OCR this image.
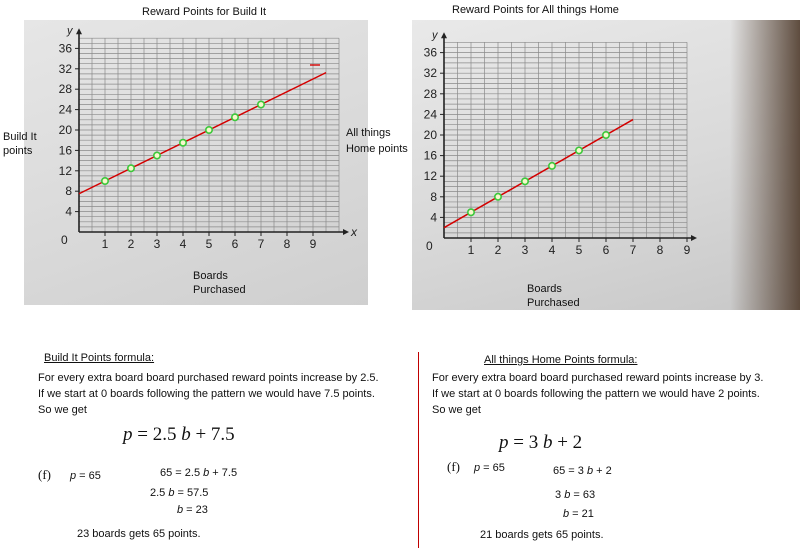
Reward Points for Build It
y
x
0
4
8
12
16
20
24
28
32
36
1 2 3 4 5 6 7 8 9
Build It
points
Boards
Purchased
Reward Points for All things Home
y
0
4
8
12
16
20
24
28
32
36
1 2 3 4 5 6 7 8 9
All things
Home points
Boards
Purchased
Build It Points formula:
For every extra board board purchased reward points increase by 2.5.
If we start at 0 boards following the pattern we would have 7.5 points.
So we get
p = 2.5 b + 7.5
(f) p = 65	65 = 2.5 b + 7.5
2.5 b = 57.5
b = 23
23 boards gets 65 points.
All things Home Points formula:
For every extra board board purchased reward points increase by 3.
If we start at 0 boards following the pattern we would have 2 points.
So we get
p = 3 b + 2
(f) p = 65	65 = 3 b + 2
3 b = 63
b = 21
21 boards gets 65 points.
